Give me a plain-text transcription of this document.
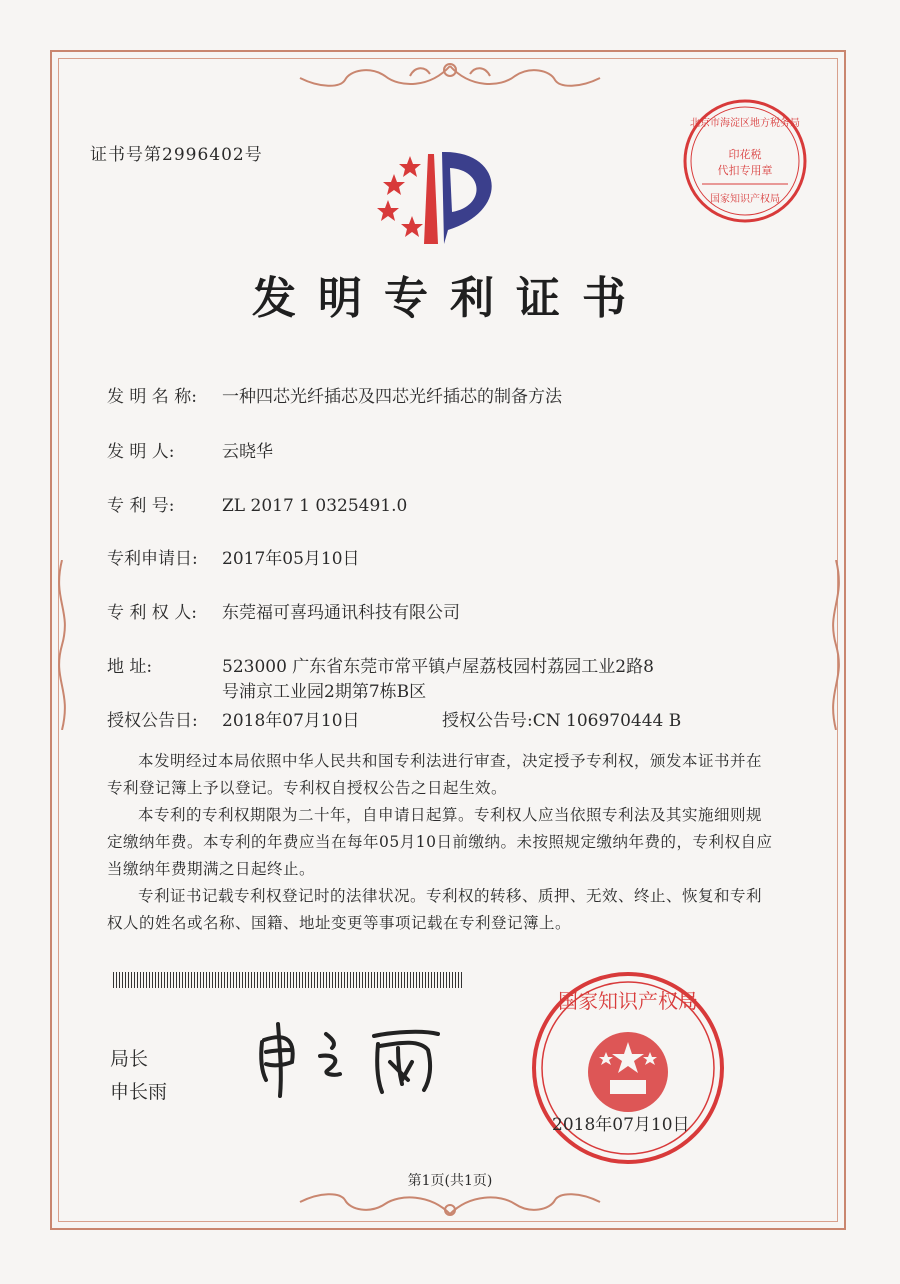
证书号第2996402号	印花税
代扣专用章
北京市海淀区地方税务局
国家知识产权局
发明专利证书
发 明 名 称: 一种四芯光纤插芯及四芯光纤插芯的制备方法
发 明 人:	云晓华
专 利 号:	ZL 2017 1 0325491.0
专利申请日: 2017年05月10日
专 利 权 人: 东莞福可喜玛通讯科技有限公司
地 址:	523000 广东省东莞市常平镇卢屋荔枝园村荔园工业2路8
号浦京工业园2期第7栋B区
授权公告日: 2018年07月10日	授权公告号:CN 106970444 B
本发明经过本局依照中华人民共和国专利法进行审查，决定授予专利权，颁发本证书并在专利登记簿上予以登记。专利权自授权公告之日起生效。
本专利的专利权期限为二十年，自申请日起算。专利权人应当依照专利法及其实施细则规定缴纳年费。本专利的年费应当在每年05月10日前缴纳。未按照规定缴纳年费的，专利权自应当缴纳年费期满之日起终止。
专利证书记载专利权登记时的法律状况。专利权的转移、质押、无效、终止、恢复和专利权人的姓名或名称、国籍、地址变更等事项记载在专利登记簿上。
局长
申长雨
国家知识产权局
2018年07月10日
第1页(共1页)
